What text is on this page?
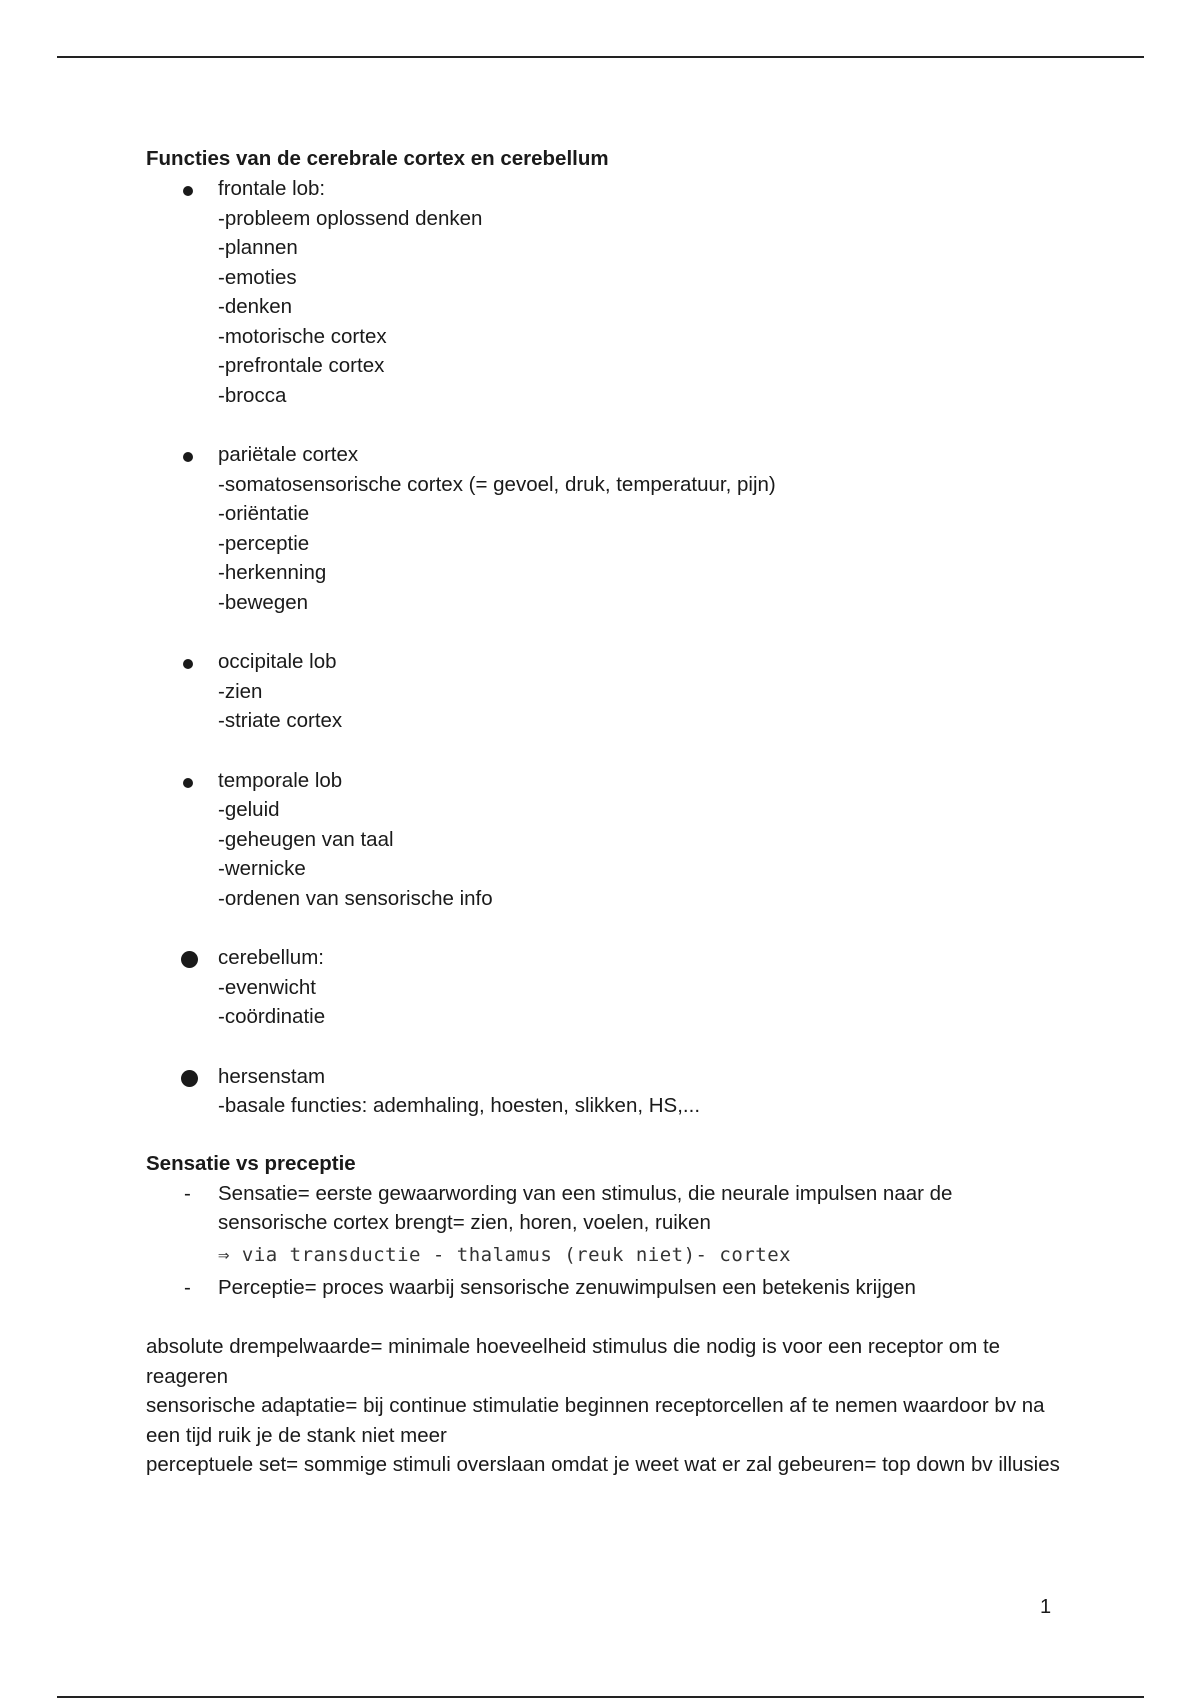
Functies van de cerebrale cortex en cerebellum

frontale lob:
-probleem oplossend denken
-plannen
-emoties
-denken
-motorische cortex
-prefrontale cortex
-brocca
pariëtale cortex
-somatosensorische cortex (= gevoel, druk, temperatuur, pijn)
-oriëntatie
-perceptie
-herkenning
-bewegen
occipitale lob
-zien
-striate cortex
temporale lob
-geluid
-geheugen van taal
-wernicke
-ordenen van sensorische info
cerebellum:
-evenwicht
-coördinatie
hersenstam
-basale functies: ademhaling, hoesten, slikken, HS,...

Sensatie vs preceptie

- Sensatie= eerste gewaarwording van een stimulus, die neurale impulsen naar de sensorische cortex brengt= zien, horen, voelen, ruiken
⇒ via transductie - thalamus (reuk niet)- cortex
- Perceptie= proces waarbij sensorische zenuwimpulsen een betekenis krijgen
absolute drempelwaarde= minimale hoeveelheid stimulus die nodig is voor een receptor om te reageren
sensorische adaptatie= bij continue stimulatie beginnen receptorcellen af te nemen waardoor bv na een tijd ruik je de stank niet meer
perceptuele set= sommige stimuli overslaan omdat je weet wat er zal gebeuren= top down bv illusies
1
